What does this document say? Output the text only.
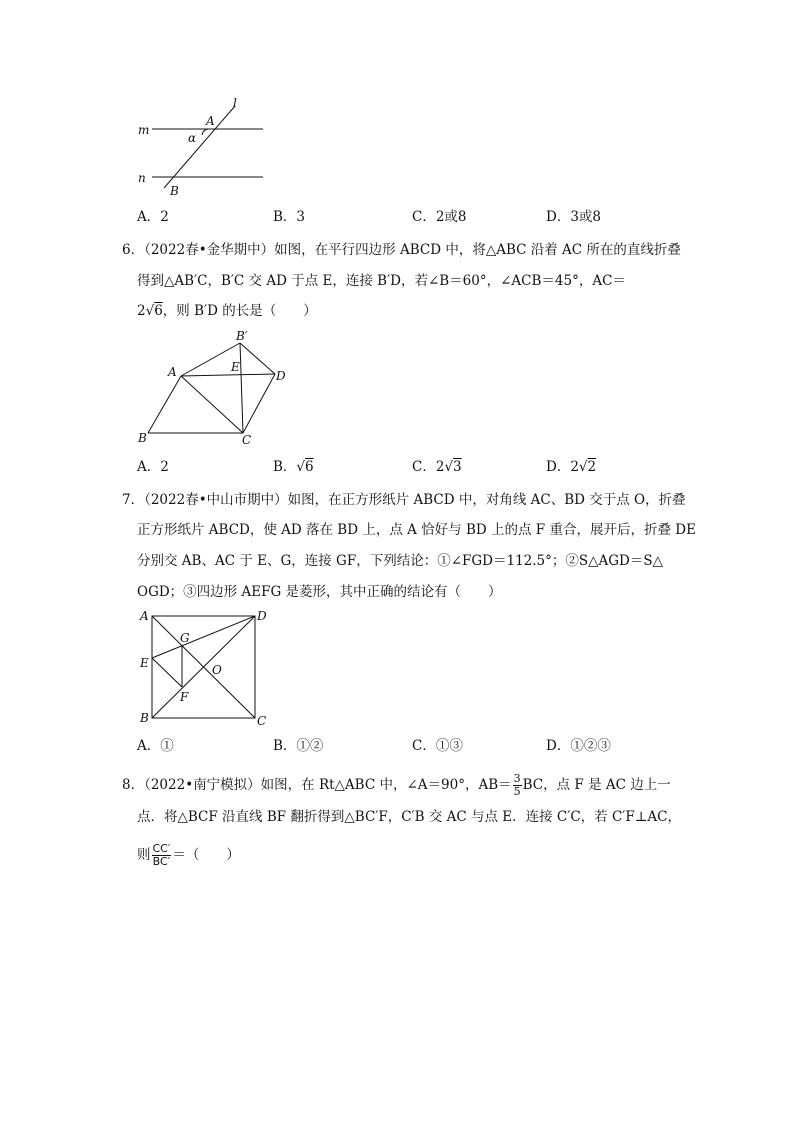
l
m
A
α
n
B
A．2	B．3	C．2或8	D．3或8
6．（2022春•金华期中）如图，在平行四边形 ABCD 中，将△ABC 沿着 AC 所在的直线折叠
得到△AB′C，B′C 交 AD 于点 E，连接 B′D，若∠B＝60°，∠ACB＝45°，AC＝
2√6，则 B′D 的长是（　　）
B′
A	E
D
B	C
A．2	B．√6	C．2√3	D．2√2
7．（2022春•中山市期中）如图，在正方形纸片 ABCD 中，对角线 AC、BD 交于点 O，折叠
正方形纸片 ABCD，使 AD 落在 BD 上，点 A 恰好与 BD 上的点 F 重合，展开后，折叠 DE
分别交 AB、AC 于 E、G，连接 GF，下列结论：①∠FGD＝112.5°；②S△AGD＝S△
OGD；③四边形 AEFG 是菱形，其中正确的结论有（　　）
A	D
G
E	O
F
B	C
A．①	B．①②	C．①③	D．①②③
8．（2022•南宁模拟）如图，在 Rt△ABC 中，∠A＝90°，$AB= \frac{3}{5}$ BC，点 F 是 AC 边上一
点．将△BCF 沿直线 BF 翻折得到△BC′F，C′B 交 AC 与点 E．连接 C′C，若 C′F⊥AC，
则 $\frac{CC'}{BC'}$ ＝（　　）
